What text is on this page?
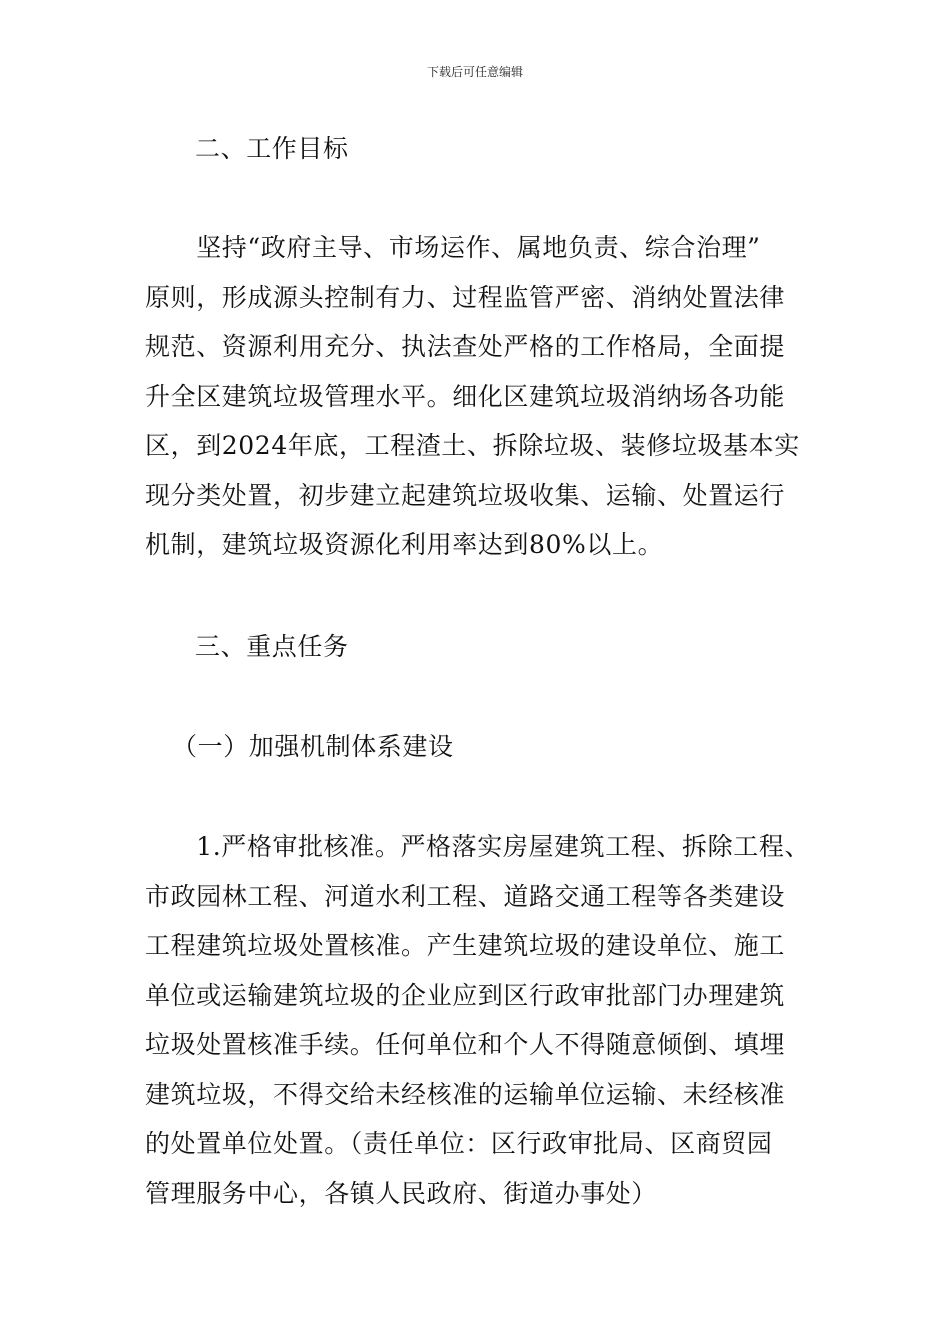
下载后可任意编辑
二、工作目标
　　坚持“政府主导、市场运作、属地负责、综合治理”
原则，形成源头控制有力、过程监管严密、消纳处置法律
规范、资源利用充分、执法查处严格的工作格局，全面提
升全区建筑垃圾管理水平。细化区建筑垃圾消纳场各功能
区，到2024年底，工程渣土、拆除垃圾、装修垃圾基本实
现分类处置，初步建立起建筑垃圾收集、运输、处置运行
机制，建筑垃圾资源化利用率达到80%以上。
三、重点任务
（一）加强机制体系建设
　　1.严格审批核准。严格落实房屋建筑工程、拆除工程、
市政园林工程、河道水利工程、道路交通工程等各类建设
工程建筑垃圾处置核准。产生建筑垃圾的建设单位、施工
单位或运输建筑垃圾的企业应到区行政审批部门办理建筑
垃圾处置核准手续。任何单位和个人不得随意倾倒、填埋
建筑垃圾，不得交给未经核准的运输单位运输、未经核准
的处置单位处置。（责任单位：区行政审批局、区商贸园
管理服务中心，各镇人民政府、街道办事处）
